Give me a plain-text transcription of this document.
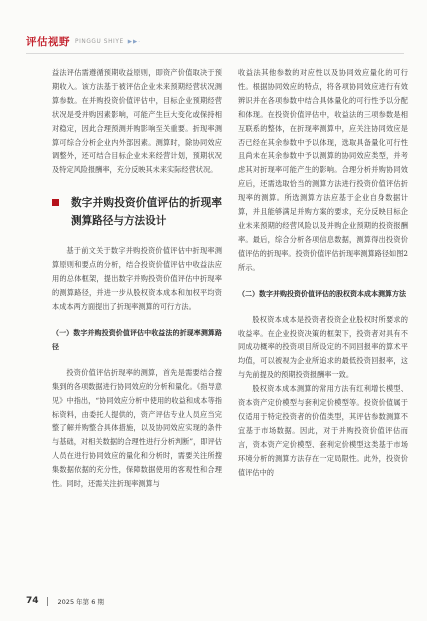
评估视野 PINGGU SHIYE ▶▶·

益法评估需遵循预期收益原则，即资产价值取决于预期收入。该方法基于被评估企业未来预期经营状况测算参数。在并购投资价值评估中，目标企业预期经营状况是受并购因素影响，可能产生巨大变化或保持相对稳定，因此合理预测并购影响至关重要。折现率测算可综合分析企业内外部因素。测算时，除协同效应调整外，还可结合目标企业未来经营计划，预期状况及特定风险报酬率，充分反映其未来实际经营状况。

数字并购投资价值评估的折现率测算路径与方法设计

基于前文关于数字并购投资价值评估中折现率测算原则和要点的分析，结合投资价值评估中收益法应用的总体框架，提出数字并购投资价值评估中折现率的测算路径，并进一步从股权资本成本和加权平均资本成本两方面提出了折现率测算的可行方法。

（一）数字并购投资价值评估中收益法的折现率测算路径

投资价值评估折现率的测算，首先是需要结合搜集到的各项数据进行协同效应的分析和量化。《指导意见》中指出，“协同效应分析中使用的收益和成本等指标资料，由委托人提供的，资产评估专业人员应当完整了解并购整合具体措施，以及协同效应实现的条件与基础，对相关数据的合理性进行分析判断”，即评估人员在进行协同效应的量化和分析时，需要关注所搜集数据依据的充分性，保障数据使用的客观性和合理性。同时，还需关注折现率测算与

收益法其他参数的对应性以及协同效应量化的可行性。根据协同效应的特点，将各项协同效应进行有效辨识并在各项参数中结合具体量化的可行性予以分配和体现。在投资价值评估中，收益法的三项参数是相互联系的整体，在折现率测算中，应关注协同效应是否已经在其余参数中予以体现，选取具备量化可行性且尚未在其余参数中予以测算的协同效应类型，并考虑其对折现率可能产生的影响。合理分析并购协同效应后，还需选取恰当的测算方法进行投资价值评估折现率的测算。所选测算方法应基于企业自身数据计算，并且能够满足并购方案的要求，充分反映目标企业未来预期的经营风险以及并购企业预期的投资报酬率。最后，综合分析各项信息数据，测算得出投资价值评估的折现率。投资价值评估折现率测算路径如图2所示。

（二）数字并购投资价值评估的股权资本成本测算方法

股权资本成本是投资者投资企业股权时所要求的收益率。在企业投资决策的框架下，投资者对具有不同成功概率的投资项目所设定的不同回报率的算术平均值，可以被视为企业所追求的最低投资回报率，这与先前提及的预期投资报酬率一致。

股权资本成本测算的常用方法有红利增长模型、资本资产定价模型与套利定价模型等。投资价值属于仅适用于特定投资者的价值类型，其评估参数测算不宜基于市场数据。因此，对于并购投资价值评估而言，资本资产定价模型、套利定价模型这类基于市场环境分析的测算方法存在一定局限性。此外，投资价值评估中的

74	2025 年第 6 期
